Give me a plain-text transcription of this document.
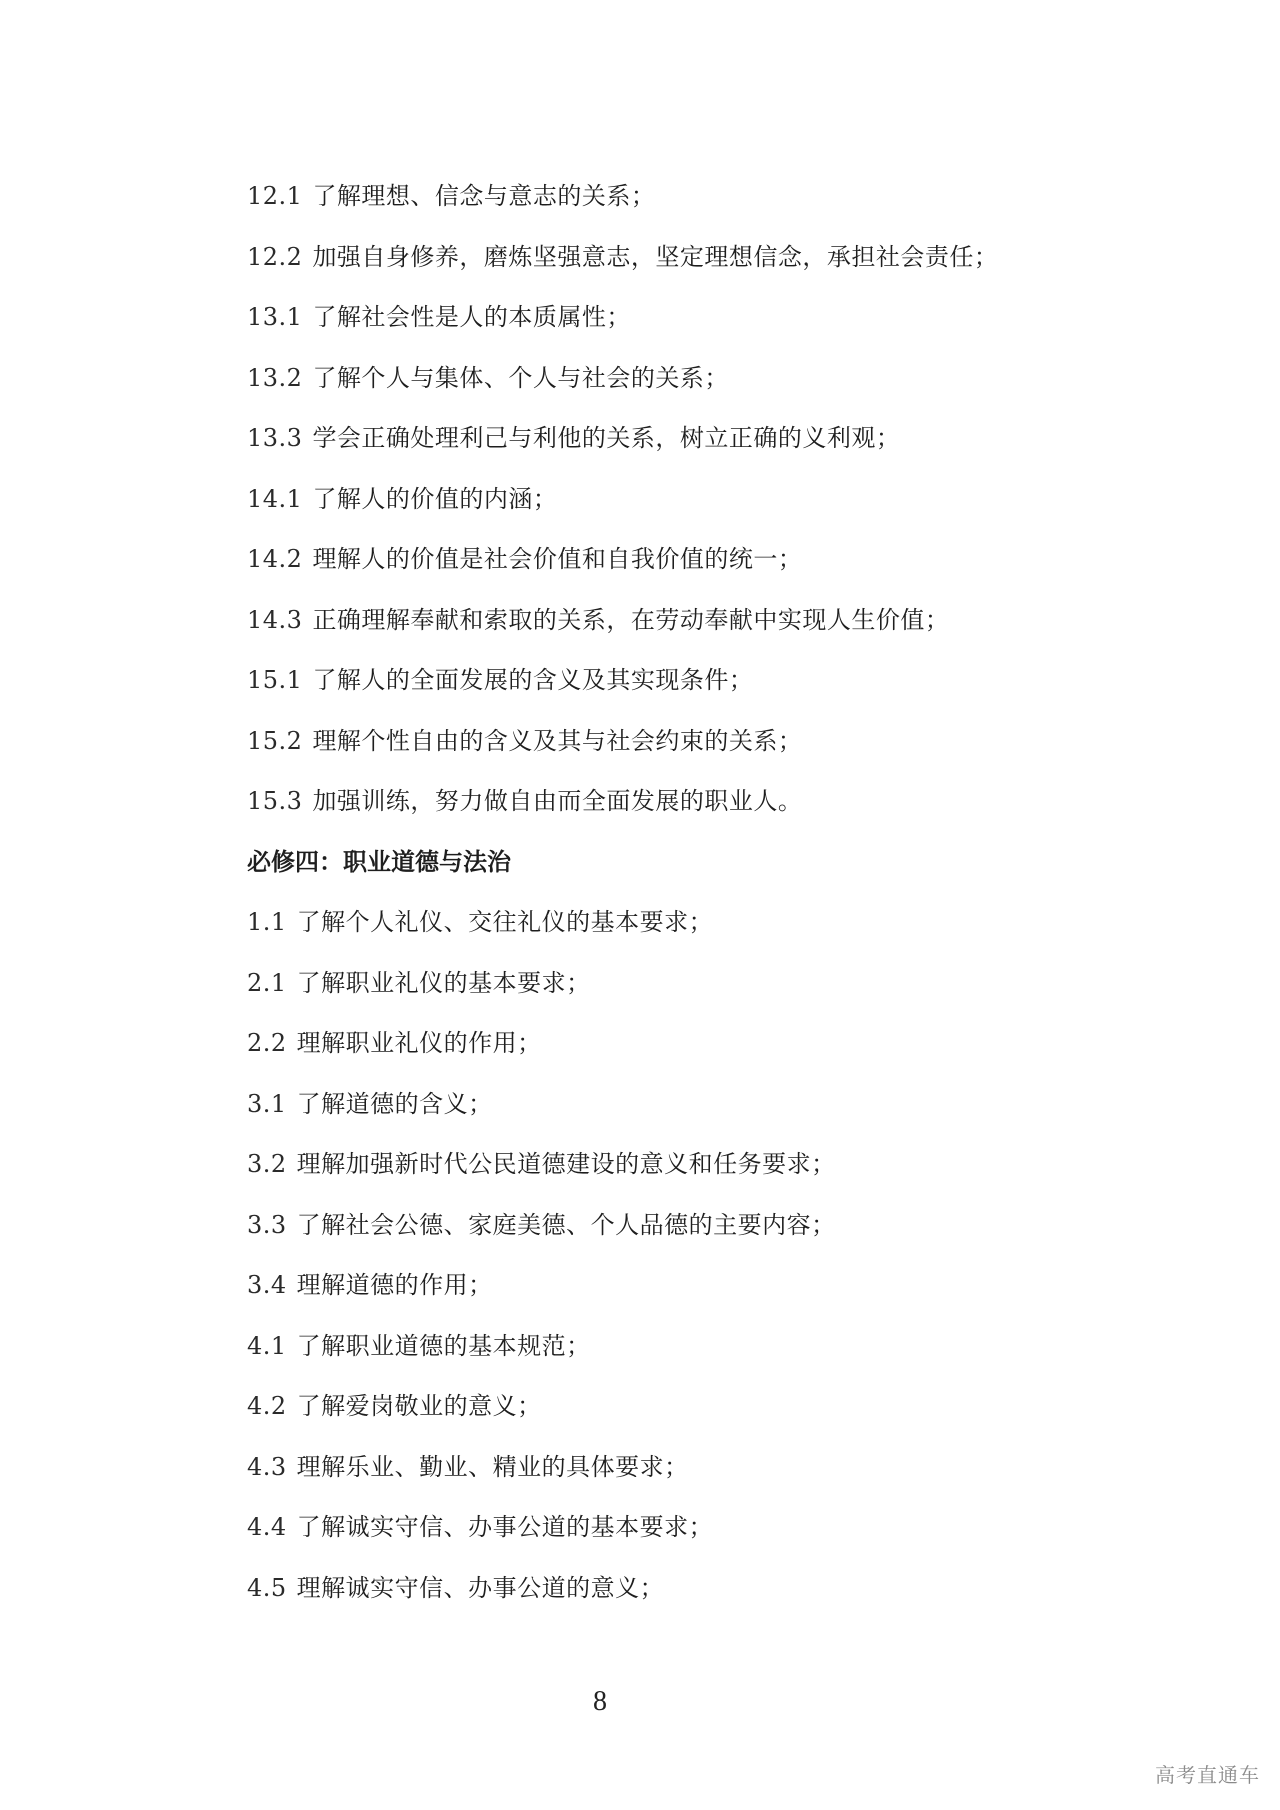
12.1 了解理想、信念与意志的关系；
12.2 加强自身修养，磨炼坚强意志，坚定理想信念，承担社会责任；
13.1 了解社会性是人的本质属性；
13.2 了解个人与集体、个人与社会的关系；
13.3 学会正确处理利己与利他的关系，树立正确的义利观；
14.1 了解人的价值的内涵；
14.2 理解人的价值是社会价值和自我价值的统一；
14.3 正确理解奉献和索取的关系，在劳动奉献中实现人生价值；
15.1 了解人的全面发展的含义及其实现条件；
15.2 理解个性自由的含义及其与社会约束的关系；
15.3 加强训练，努力做自由而全面发展的职业人。
必修四：职业道德与法治
1.1 了解个人礼仪、交往礼仪的基本要求；
2.1 了解职业礼仪的基本要求；
2.2 理解职业礼仪的作用；
3.1 了解道德的含义；
3.2 理解加强新时代公民道德建设的意义和任务要求；
3.3 了解社会公德、家庭美德、个人品德的主要内容；
3.4 理解道德的作用；
4.1 了解职业道德的基本规范；
4.2 了解爱岗敬业的意义；
4.3 理解乐业、勤业、精业的具体要求；
4.4 了解诚实守信、办事公道的基本要求；
4.5 理解诚实守信、办事公道的意义；
8
高考直通车
